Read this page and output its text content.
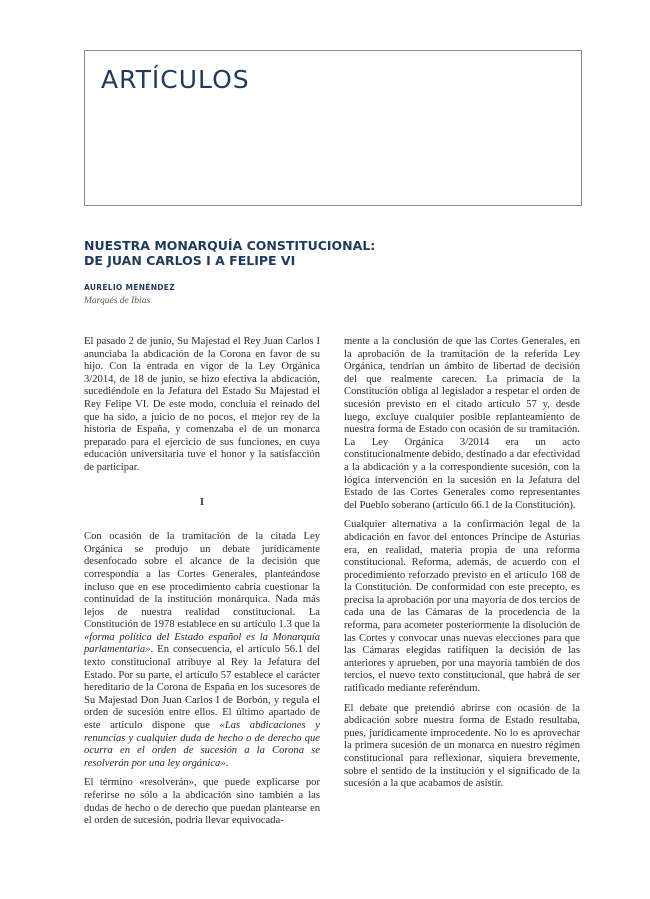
ARTÍCULOS
NUESTRA MONARQUÍA CONSTITUCIONAL:
DE JUAN CARLOS I A FELIPE VI
AURELIO MENÉNDEZ
Marqués de Ibias

El pasado 2 de junio, Su Majestad el Rey Juan Carlos I anunciaba la abdicación de la Corona en favor de su hijo. Con la entrada en vigor de la Ley Orgánica 3/2014, de 18 de junio, se hizo efectiva la abdicación, sucediéndole en la Jefatura del Estado Su Majestad el Rey Felipe VI. De este modo, concluía el reinado del que ha sido, a juicio de no pocos, el mejor rey de la historia de España, y comenzaba el de un monarca preparado para el ejercicio de sus funciones, en cuya educación universitaria tuve el honor y la satisfacción de participar.

I

Con ocasión de la tramitación de la citada Ley Orgánica se produjo un debate jurídicamente desenfocado sobre el alcance de la decisión que correspondía a las Cortes Generales, planteándose incluso que en ese procedimiento cabría cuestionar la continuidad de la institución monárquica. Nada más lejos de nuestra realidad constitucional. La Constitución de 1978 establece en su artículo 1.3 que la «forma política del Estado español es la Monarquía parlamentaria». En consecuencia, el artículo 56.1 del texto constitucional atribuye al Rey la Jefatura del Estado. Por su parte, el artículo 57 establece el carácter hereditario de la Corona de España en los sucesores de Su Majestad Don Juan Carlos I de Borbón, y regula el orden de sucesión entre ellos. El último apartado de este artículo dispone que «Las abdicaciones y renuncias y cualquier duda de hecho o de derecho que ocurra en el orden de sucesión a la Corona se resolverán por una ley orgánica».

El término «resolverán», que puede explicarse por referirse no sólo a la abdicación sino también a las dudas de hecho o de derecho que puedan plantearse en el orden de sucesión, podría llevar equivocada-

mente a la conclusión de que las Cortes Generales, en la aprobación de la tramitación de la referida Ley Orgánica, tendrían un ámbito de libertad de decisión del que realmente carecen. La primacía de la Constitución obliga al legislador a respetar el orden de sucesión previsto en el citado artículo 57 y, desde luego, excluye cualquier posible replanteamiento de nuestra forma de Estado con ocasión de su tramitación. La Ley Orgánica 3/2014 era un acto constitucionalmente debido, destinado a dar efectividad a la abdicación y a la correspondiente sucesión, con la lógica intervención en la sucesión en la Jefatura del Estado de las Cortes Generales como representantes del Pueblo soberano (artículo 66.1 de la Constitución).

Cualquier alternativa a la confirmación legal de la abdicación en favor del entonces Príncipe de Asturias era, en realidad, materia propia de una reforma constitucional. Reforma, además, de acuerdo con el procedimiento reforzado previsto en el artículo 168 de la Constitución. De conformidad con este precepto, es precisa la aprobación por una mayoría de dos tercios de cada una de las Cámaras de la procedencia de la reforma, para acometer posteriormente la disolución de las Cortes y convocar unas nuevas elecciones para que las Cámaras elegidas ratifiquen la decisión de las anteriores y aprueben, por una mayoría también de dos tercios, el nuevo texto constitucional, que habrá de ser ratificado mediante referéndum.

El debate que pretendió abrirse con ocasión de la abdicación sobre nuestra forma de Estado resultaba, pues, jurídicamente improcedente. No lo es aprovechar la primera sucesión de un monarca en nuestro régimen constitucional para reflexionar, siquiera brevemente, sobre el sentido de la institución y el significado de la sucesión a la que acabamos de asistir.
